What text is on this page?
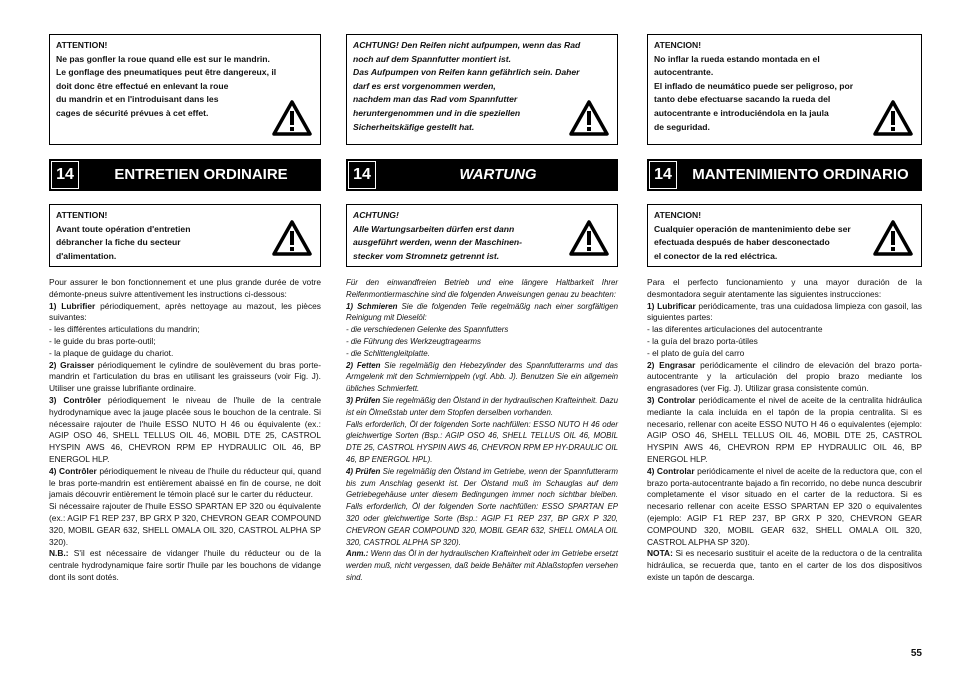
ATTENTION!
Ne pas gonfler la roue quand elle est sur le mandrin.
Le gonflage des pneumatiques peut être dangereux, il
doit donc être effectué en enlevant la roue
du mandrin et en l'introduisant dans les
cages de sécurité prévues à cet effet.
14	ENTRETIEN ORDINAIRE
ATTENTION!
Avant toute opération d'entretien
débrancher la fiche du secteur
d'alimentation.
Pour assurer le bon fonctionnement et une plus grande durée de votre démonte-pneus suivre attentivement les instructions ci-dessous:
1) Lubrifier périodiquement, après nettoyage au mazout, les pièces suivantes:
- les différentes articulations du mandrin;
- le guide du bras porte-outil;
- la plaque de guidage du chariot.
2) Graisser périodiquement le cylindre de soulèvement du bras porte-mandrin et l'articulation du bras en utilisant les graisseurs (voir Fig. J). Utiliser une graisse lubrifiante ordinaire.
3) Contrôler périodiquement le niveau de l'huile de la centrale hydrodynamique avec la jauge placée sous le bouchon de la centrale. Si nécessaire rajouter de l'huile ESSO NUTO H 46 ou équivalente (ex.: AGIP OSO 46, SHELL TELLUS OIL 46, MOBIL DTE 25, CASTROL HYSPIN AWS 46, CHEVRON RPM EP HYDRAULIC OIL 46, BP ENERGOL HLP.
4) Contrôler périodiquement le niveau de l'huile du réducteur qui, quand le bras porte-mandrin est entièrement abaissé en fin de course, ne doit jamais découvrir entièrement le témoin placé sur le carter du réducteur.
Si nécessaire rajouter de l'huile ESSO SPARTAN EP 320 ou équivalente (ex.: AGIP F1 REP 237, BP GRX P 320, CHEVRON GEAR COMPOUND 320, MOBIL GEAR 632, SHELL OMALA OIL 320, CASTROL ALPHA SP 320).
N.B.: S'il est nécessaire de vidanger l'huile du réducteur ou de la centrale hydrodynamique faire sortir l'huile par les bouchons de vidange dont ils sont dotés.
ACHTUNG! Den Reifen nicht aufpumpen, wenn das Rad
noch auf dem Spannfutter montiert ist.
Das Aufpumpen von Reifen kann gefährlich sein. Daher
darf es erst vorgenommen werden,
nachdem man das Rad vom Spannfutter
heruntergenommen und in die speziellen
Sicherheitskäfige gestellt hat.
14	WARTUNG
ACHTUNG!
Alle Wartungsarbeiten dürfen erst dann
ausgeführt werden, wenn der Maschinen-
stecker vom Stromnetz getrennt ist.
Für den einwandfreien Betrieb und eine längere Haltbarkeit Ihrer Reifenmontiermaschine sind die folgenden Anweisungen genau zu beachten:
1) Schmieren Sie die folgenden Teile regelmäßig nach einer sorgfältigen Reinigung mit Dieselöl:
- die verschiedenen Gelenke des Spannfutters
- die Führung des Werkzeugtragearms
- die Schlittengleitplatte.
2) Fetten Sie regelmäßig den Hebezylinder des Spannfutterarms und das Armgelenk mit den Schmiernippeln (vgl. Abb. J). Benutzen Sie ein allgemein übliches Schmierfett.
3) Prüfen Sie regelmäßig den Ölstand in der hydraulischen Krafteinheit. Dazu ist ein Ölmeßstab unter dem Stopfen derselben vorhanden.
Falls erforderlich, Öl der folgenden Sorte nachfüllen: ESSO NUTO H 46 oder gleichwertige Sorten (Bsp.: AGIP OSO 46, SHELL TELLUS OIL 46, MOBIL DTE 25, CASTROL HYSPIN AWS 46, CHEVRON RPM EP HY-DRAULIC OIL 46, BP ENERGOL HPL).
4) Prüfen Sie regelmäßig den Ölstand im Getriebe, wenn der Spannfutterarm bis zum Anschlag gesenkt ist. Der Ölstand muß im Schauglas auf dem Getriebegehäuse unter diesem Bedingungen immer noch sichtbar bleiben. Falls erforderlich, Öl der folgenden Sorte nachfüllen: ESSO SPARTAN EP 320 oder gleichwertige Sorte (Bsp.: AGIP F1 REP 237, BP GRX P 320, CHEVRON GEAR COMPOUND 320, MOBIL GEAR 632, SHELL OMALA OIL 320, CASTROL ALPHA SP 320).
Anm.: Wenn das Öl in der hydraulischen Krafteinheit oder im Getriebe ersetzt werden muß, nicht vergessen, daß beide Behälter mit Ablaßstopfen versehen sind.
ATENCION!
No inflar la rueda estando montada en el
autocentrante.
El inflado de neumático puede ser peligroso, por
tanto debe efectuarse sacando la rueda del
autocentrante e introduciéndola en la jaula
de seguridad.
14	MANTENIMIENTO ORDINARIO
ATENCION!
Cualquier operación de mantenimiento debe ser
efectuada después de haber desconectado
el conector de la red eléctrica.
Para el perfecto funcionamiento y una mayor duración de la desmontadora seguir atentamente las siguientes instrucciones:
1) Lubrificar periódicamente, tras una cuidadosa limpieza con gasoil, las siguientes partes:
- las diferentes articulaciones del autocentrante
- la guía del brazo porta-útiles
- el plato de guía del carro
2) Engrasar periódicamente el cilindro de elevación del brazo porta-autocentrante y la articulación del propio brazo mediante los engrasadores (ver Fig. J). Utilizar grasa consistente común.
3) Controlar periódicamente el nivel de aceite de la centralita hidráulica mediante la cala incluida en el tapón de la propia centralita. Si es necesario, rellenar con aceite ESSO NUTO H 46 o equivalentes (ejemplo: AGIP OSO 46, SHELL TELLUS OIL 46, MOBIL DTE 25, CASTROL HYSPIN AWS 46, CHEVRON RPM EP HYDRAULIC OIL 46, BP ENERGOL HLP.
4) Controlar periódicamente el nivel de aceite de la reductora que, con el brazo porta-autocentrante bajado a fin recorrido, no debe nunca descubrir completamente el visor situado en el carter de la reductora. Si es necesario rellenar con aceite ESSO SPARTAN EP 320 o equivalentes (ejemplo: AGIP F1 REP 237, BP GRX P 320, CHEVRON GEAR COMPOUND 320, MOBIL GEAR 632, SHELL OMALA OIL 320, CASTROL ALPHA SP 320).
NOTA: Si es necesario sustituir el aceite de la reductora o de la centralita hidráulica, se recuerda que, tanto en el carter de los dos dispositivos existe un tapón de descarga.
55
